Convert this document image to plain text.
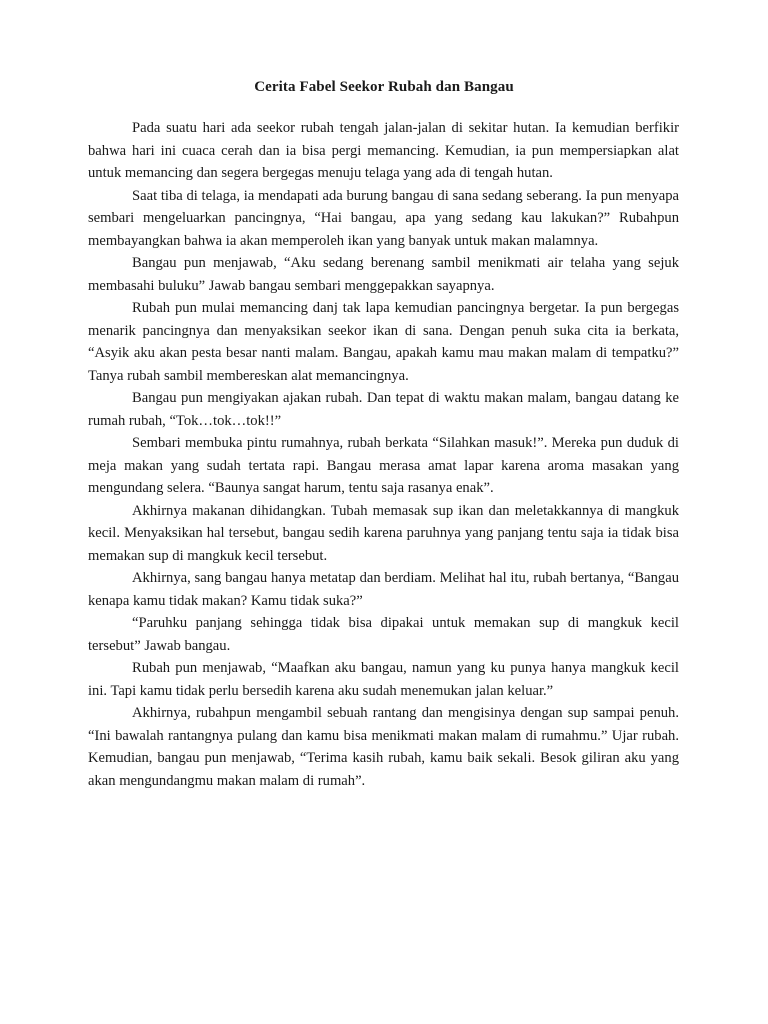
Cerita Fabel Seekor Rubah dan Bangau

Pada suatu hari ada seekor rubah tengah jalan-jalan di sekitar hutan. Ia kemudian berfikir bahwa hari ini cuaca cerah dan ia bisa pergi memancing. Kemudian, ia pun mempersiapkan alat untuk memancing dan segera bergegas menuju telaga yang ada di tengah hutan.

Saat tiba di telaga, ia mendapati ada burung bangau di sana sedang seberang. Ia pun menyapa sembari mengeluarkan pancingnya, “Hai bangau, apa yang sedang kau lakukan?” Rubahpun membayangkan bahwa ia akan memperoleh ikan yang banyak untuk makan malamnya.

Bangau pun menjawab, “Aku sedang berenang sambil menikmati air telaha yang sejuk membasahi buluku” Jawab bangau sembari menggepakkan sayapnya.

Rubah pun mulai memancing danj tak lapa kemudian pancingnya bergetar. Ia pun bergegas menarik pancingnya dan menyaksikan seekor ikan di sana. Dengan penuh suka cita ia berkata, “Asyik aku akan pesta besar nanti malam. Bangau, apakah kamu mau makan malam di tempatku?” Tanya rubah sambil membereskan alat memancingnya.

Bangau pun mengiyakan ajakan rubah. Dan tepat di waktu makan malam, bangau datang ke rumah rubah, “Tok…tok…tok!!”

Sembari membuka pintu rumahnya, rubah berkata “Silahkan masuk!”. Mereka pun duduk di meja makan yang sudah tertata rapi. Bangau merasa amat lapar karena aroma masakan yang mengundang selera. “Baunya sangat harum, tentu saja rasanya enak”.

Akhirnya makanan dihidangkan. Tubah memasak sup ikan dan meletakkannya di mangkuk kecil. Menyaksikan hal tersebut, bangau sedih karena paruhnya yang panjang tentu saja ia tidak bisa memakan sup di mangkuk kecil tersebut.

Akhirnya, sang bangau hanya metatap dan berdiam. Melihat hal itu, rubah bertanya, “Bangau kenapa kamu tidak makan? Kamu tidak suka?”

“Paruhku panjang sehingga tidak bisa dipakai untuk memakan sup di mangkuk kecil tersebut” Jawab bangau.

Rubah pun menjawab, “Maafkan aku bangau, namun yang ku punya hanya mangkuk kecil ini. Tapi kamu tidak perlu bersedih karena aku sudah menemukan jalan keluar.”

Akhirnya, rubahpun mengambil sebuah rantang dan mengisinya dengan sup sampai penuh. “Ini bawalah rantangnya pulang dan kamu bisa menikmati makan malam di rumahmu.” Ujar rubah. Kemudian, bangau pun menjawab, “Terima kasih rubah, kamu baik sekali. Besok giliran aku yang akan mengundangmu makan malam di rumah”.
